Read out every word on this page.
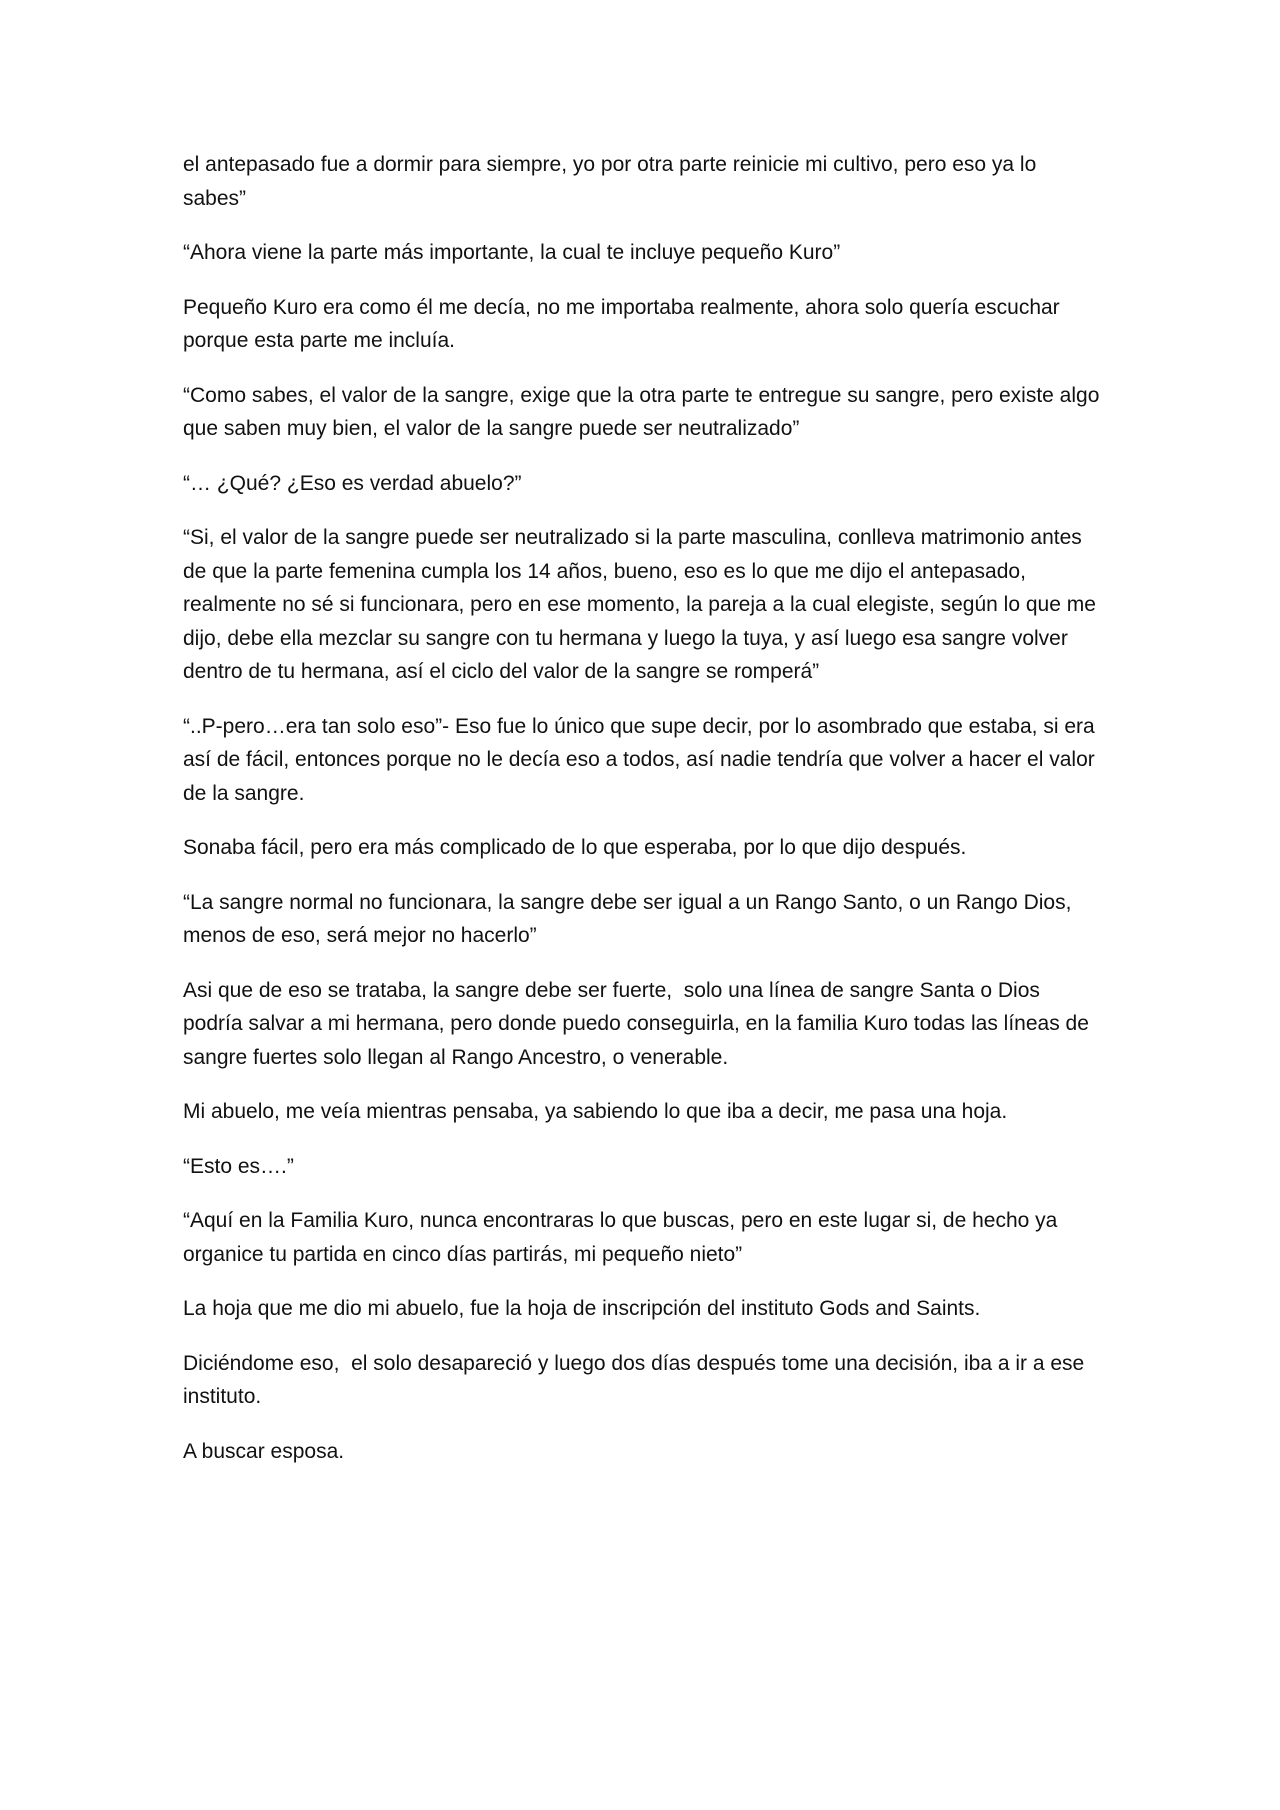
el antepasado fue a dormir para siempre, yo por otra parte reinicie mi cultivo, pero eso ya lo sabes”

“Ahora viene la parte más importante, la cual te incluye pequeño Kuro”

Pequeño Kuro era como él me decía, no me importaba realmente, ahora solo quería escuchar porque esta parte me incluía.

“Como sabes, el valor de la sangre, exige que la otra parte te entregue su sangre, pero existe algo que saben muy bien, el valor de la sangre puede ser neutralizado”

“… ¿Qué? ¿Eso es verdad abuelo?”

“Si, el valor de la sangre puede ser neutralizado si la parte masculina, conlleva matrimonio antes de que la parte femenina cumpla los 14 años, bueno, eso es lo que me dijo el antepasado, realmente no sé si funcionara, pero en ese momento, la pareja a la cual elegiste, según lo que me dijo, debe ella mezclar su sangre con tu hermana y luego la tuya, y así luego esa sangre volver dentro de tu hermana, así el ciclo del valor de la sangre se romperá”

“..P-pero…era tan solo eso”- Eso fue lo único que supe decir, por lo asombrado que estaba, si era así de fácil, entonces porque no le decía eso a todos, así nadie tendría que volver a hacer el valor de la sangre.

Sonaba fácil, pero era más complicado de lo que esperaba, por lo que dijo después.

“La sangre normal no funcionara, la sangre debe ser igual a un Rango Santo, o un Rango Dios, menos de eso, será mejor no hacerlo”

Asi que de eso se trataba, la sangre debe ser fuerte,  solo una línea de sangre Santa o Dios podría salvar a mi hermana, pero donde puedo conseguirla, en la familia Kuro todas las líneas de sangre fuertes solo llegan al Rango Ancestro, o venerable.

Mi abuelo, me veía mientras pensaba, ya sabiendo lo que iba a decir, me pasa una hoja.

“Esto es….”

“Aquí en la Familia Kuro, nunca encontraras lo que buscas, pero en este lugar si, de hecho ya organice tu partida en cinco días partirás, mi pequeño nieto”

La hoja que me dio mi abuelo, fue la hoja de inscripción del instituto Gods and Saints.

Diciéndome eso,  el solo desapareció y luego dos días después tome una decisión, iba a ir a ese instituto.

A buscar esposa.
